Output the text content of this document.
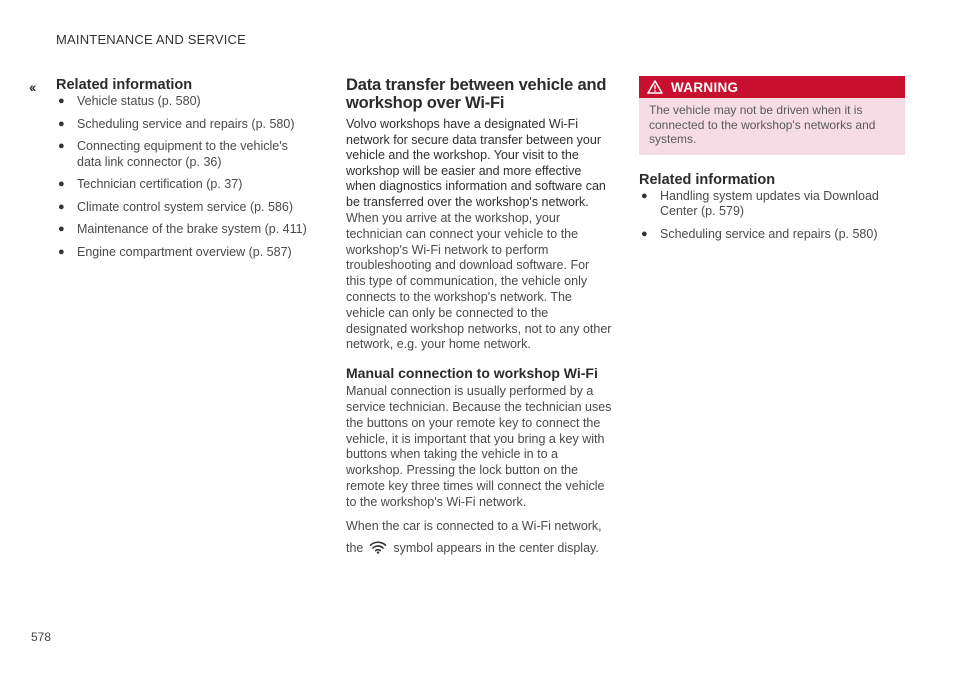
MAINTENANCE AND SERVICE
‹‹ Related information
● Vehicle status (p. 580)
● Scheduling service and repairs (p. 580)
● Connecting equipment to the vehicle's data link connector (p. 36)
● Technician certification (p. 37)
● Climate control system service (p. 586)
● Maintenance of the brake system (p. 411)
● Engine compartment overview (p. 587)
Data transfer between vehicle and workshop over Wi-Fi

Volvo workshops have a designated Wi-Fi network for secure data transfer between your vehicle and the workshop. Your visit to the workshop will be easier and more effective when diagnostics information and software can be transferred over the workshop's network.

When you arrive at the workshop, your technician can connect your vehicle to the workshop's Wi-Fi network to perform troubleshooting and download software. For this type of communication, the vehicle only connects to the workshop's network. The vehicle can only be connected to the designated workshop networks, not to any other network, e.g. your home network.

Manual connection to workshop Wi-Fi

Manual connection is usually performed by a service technician. Because the technician uses the buttons on your remote key to connect the vehicle, it is important that you bring a key with buttons when taking the vehicle in to a workshop. Pressing the lock button on the remote key three times will connect the vehicle to the workshop's Wi-Fi network.

When the car is connected to a Wi-Fi network,
the symbol appears in the center display.

WARNING
The vehicle may not be driven when it is connected to the workshop's networks and systems.
Related information
● Handling system updates via Download Center (p. 579)
● Scheduling service and repairs (p. 580)
578
